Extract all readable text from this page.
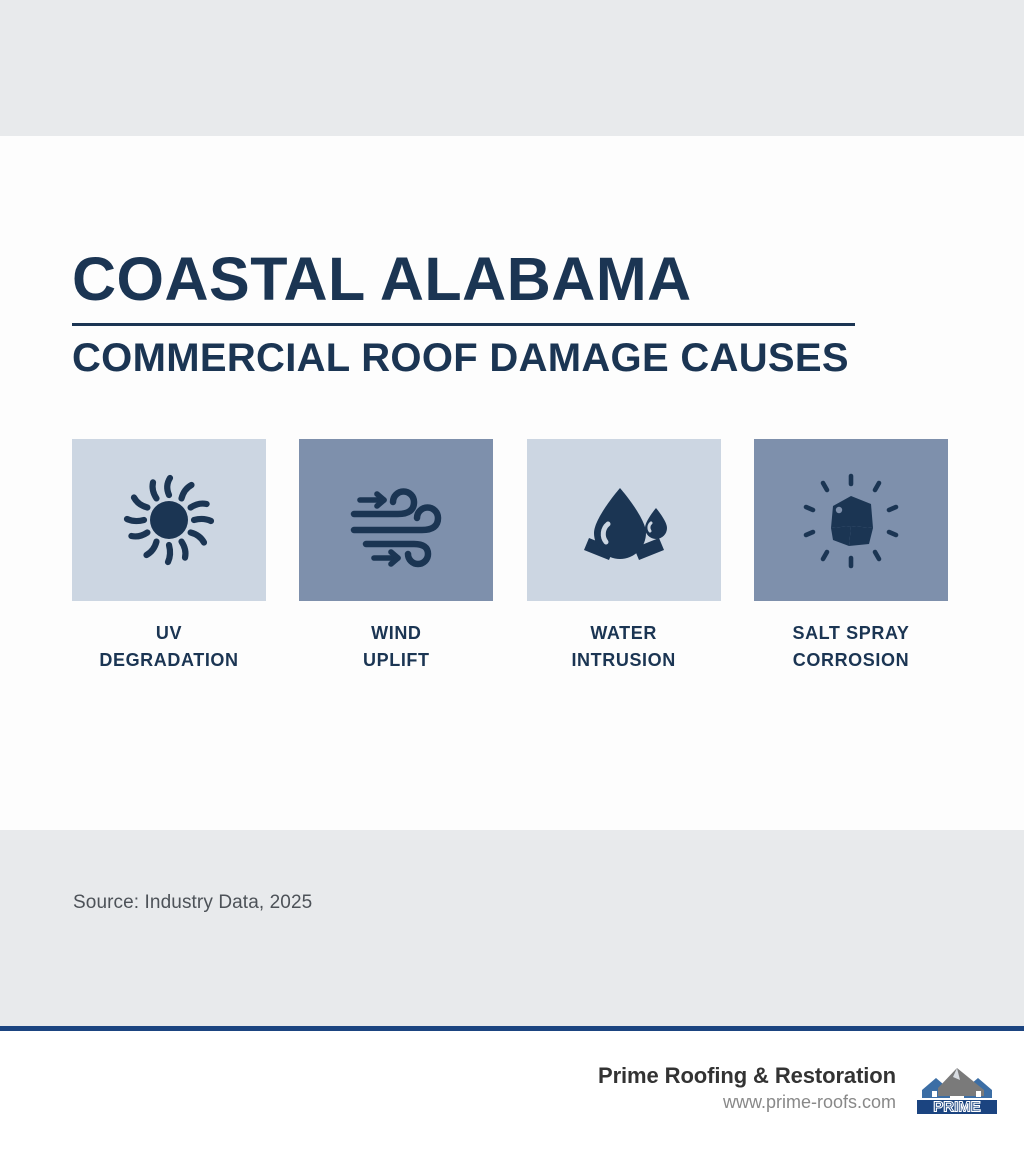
COASTAL ALABAMA
COMMERCIAL ROOF DAMAGE CAUSES
UV
DEGRADATION
WIND
UPLIFT
WATER
INTRUSION
SALT SPRAY
CORROSION
Source: Industry Data, 2025
Prime Roofing & Restoration
www.prime-roofs.com PRIME
